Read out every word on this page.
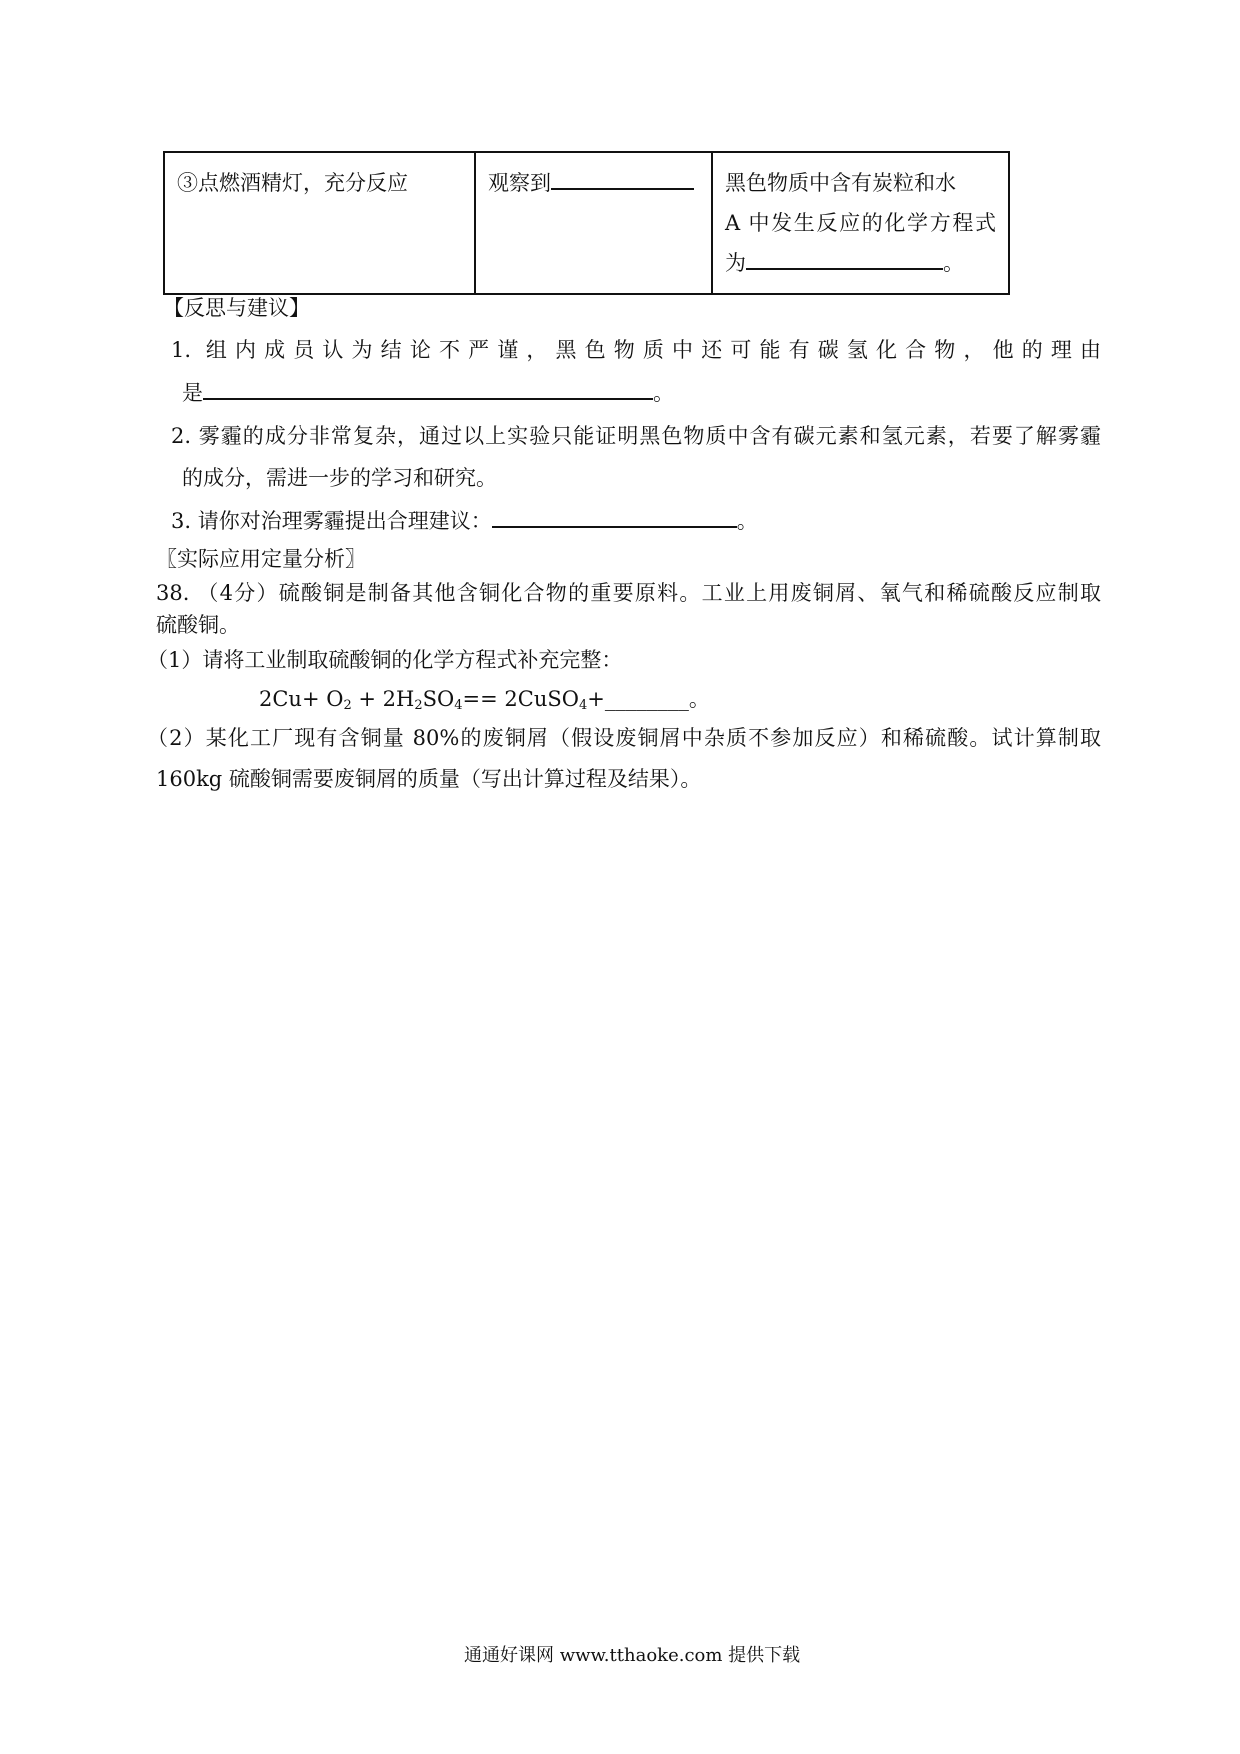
③点燃酒精灯，充分反应	观察到	黑色物质中含有炭粒和水
A 中发生反应的化学方程式
为	。
【反思与建议】
1. 组内成员认为结论不严谨，黑色物质中还可能有碳氢化合物，他的理由
是	。
2. 雾霾的成分非常复杂，通过以上实验只能证明黑色物质中含有碳元素和氢元素，若要了解雾霾
的成分，需进一步的学习和研究。
3. 请你对治理雾霾提出合理建议：	。
〖实际应用定量分析〗
38. （4分）硫酸铜是制备其他含铜化合物的重要原料。工业上用废铜屑、氧气和稀硫酸反应制取
硫酸铜。
（1）请将工业制取硫酸铜的化学方程式补充完整：
$2Cu+ O_2 + 2H_2SO_4==$ 2CuSO$_4$+________。
（2）某化工厂现有含铜量 80%的废铜屑（假设废铜屑中杂质不参加反应）和稀硫酸。试计算制取
160kg 硫酸铜需要废铜屑的质量（写出计算过程及结果）。
通通好课网 www.tthaoke.com 提供下载
